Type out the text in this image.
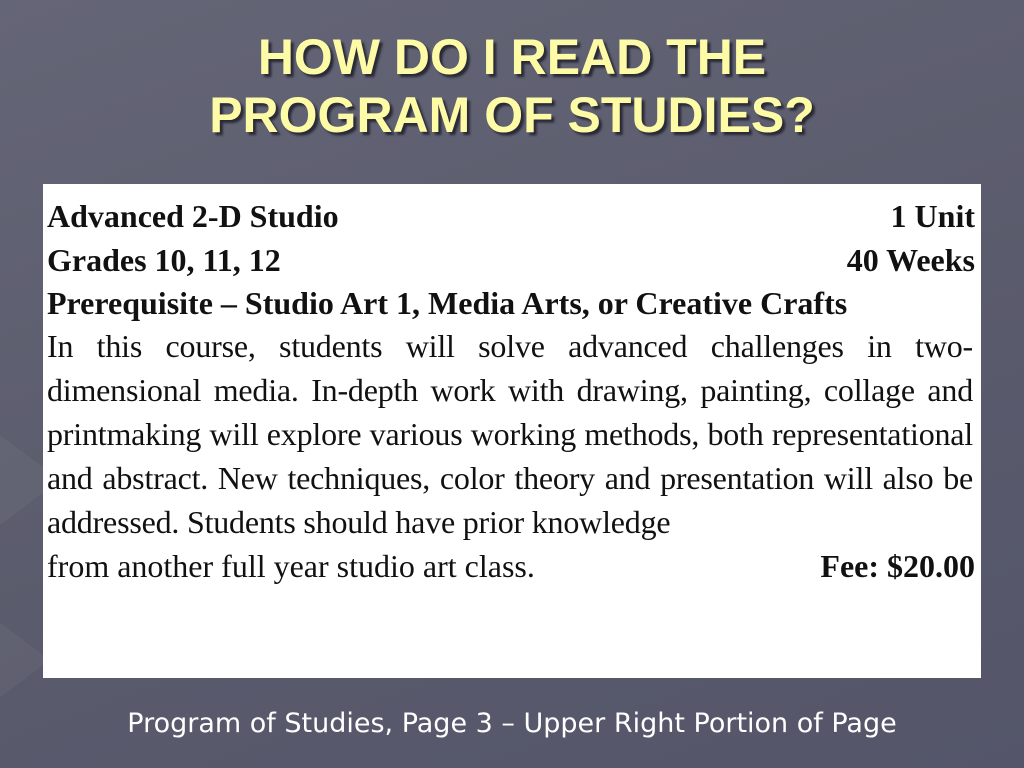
HOW DO I READ THE
PROGRAM OF STUDIES?
Advanced 2-D Studio	1 Unit
Grades 10, 11, 12	40 Weeks
Prerequisite – Studio Art 1, Media Arts, or Creative Crafts

In this course, students will solve advanced challenges in two-dimensional media. In-depth work with drawing, painting, collage and printmaking will explore various working methods, both representational and abstract. New techniques, color theory and presentation will also be addressed. Students should have prior knowledge

from another full year studio art class.	Fee: $20.00
Program of Studies, Page 3 – Upper Right Portion of Page
